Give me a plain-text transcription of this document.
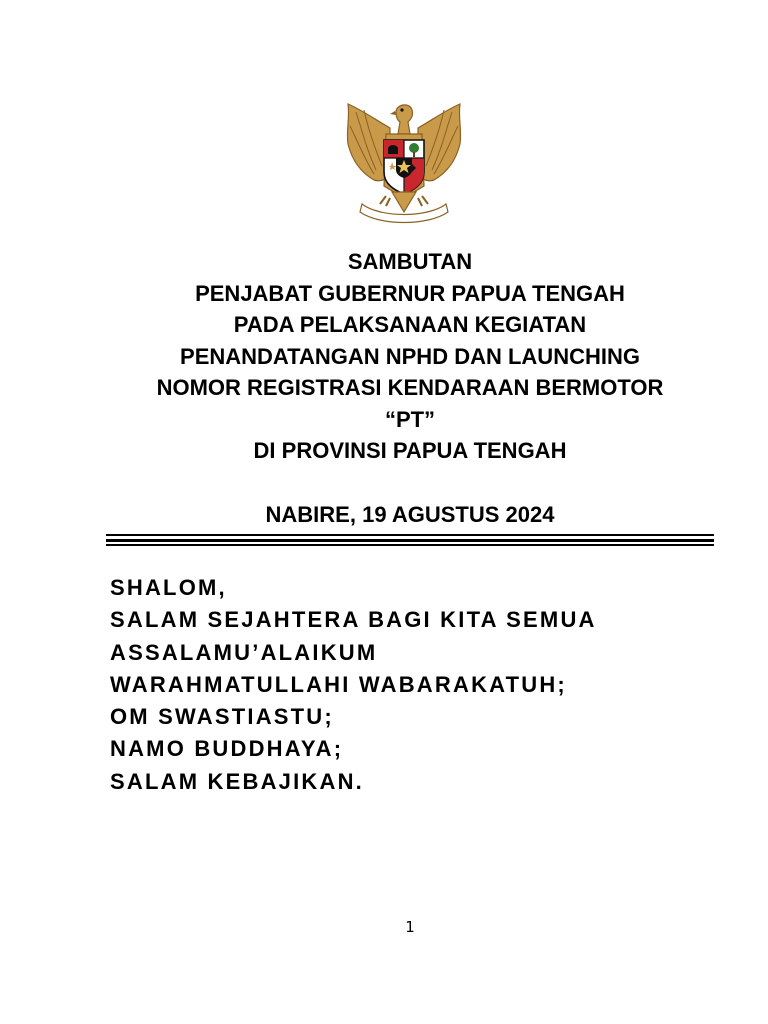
SAMBUTAN
PENJABAT GUBERNUR PAPUA TENGAH
PADA PELAKSANAAN KEGIATAN
PENANDATANGAN NPHD DAN LAUNCHING
NOMOR REGISTRASI KENDARAAN BERMOTOR
“PT”
DI PROVINSI PAPUA TENGAH
NABIRE, 19 AGUSTUS 2024
SHALOM,
SALAM SEJAHTERA BAGI KITA SEMUA
ASSALAMU’ALAIKUM
WARAHMATULLAHI WABARAKATUH;
OM SWASTIASTU;
NAMO BUDDHAYA;
SALAM KEBAJIKAN.
1
